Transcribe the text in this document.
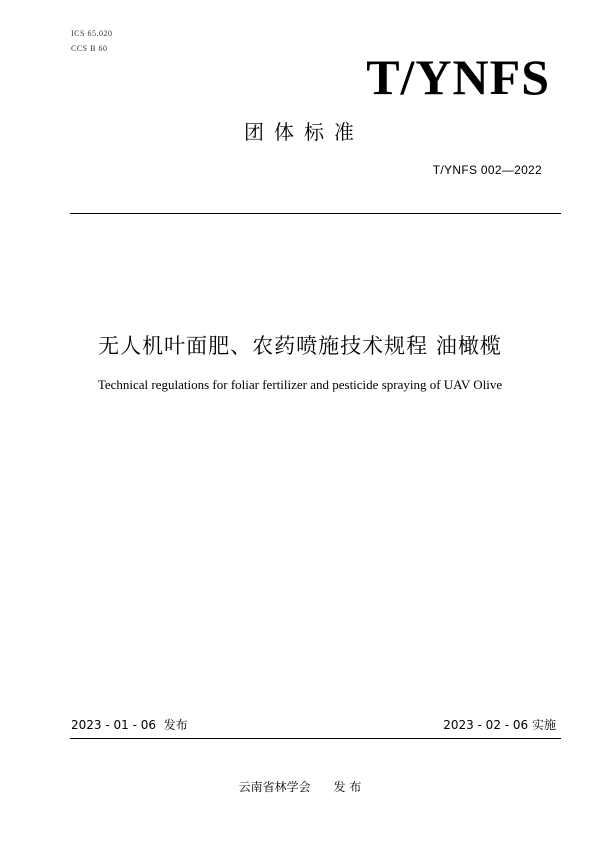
ICS 65.020
CCS B 60
T/YNFS
团体标准
T/YNFS 002—2022
无人机叶面肥、农药喷施技术规程 油橄榄
Technical regulations for foliar fertilizer and pesticide spraying of UAV Olive
2023 - 01 - 06  发布	2023 - 02 - 06 实施
云南省林学会      发 布
